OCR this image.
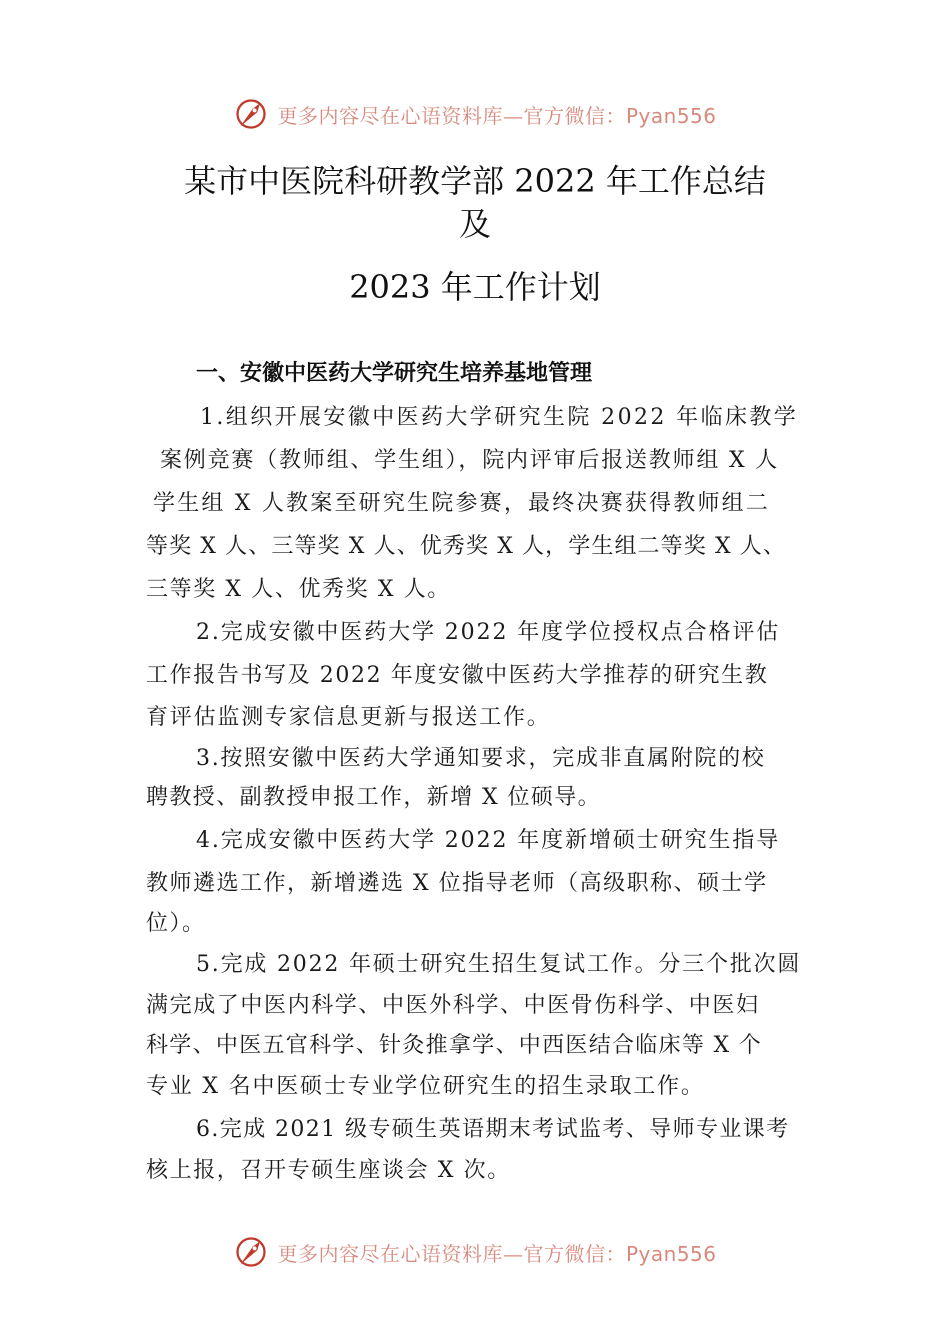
更多内容尽在心语资料库—官方微信：Pyan556
某市中医院科研教学部 2022 年工作总结
及
2023 年工作计划
一、安徽中医药大学研究生培养基地管理
1.组织开展安徽中医药大学研究生院 2022 年临床教学
案例竞赛（教师组、学生组），院内评审后报送教师组 X 人
学生组 X 人教案至研究生院参赛，最终决赛获得教师组二
等奖 X 人、三等奖 X 人、优秀奖 X 人，学生组二等奖 X 人、
三等奖 X 人、优秀奖 X 人。
2.完成安徽中医药大学 2022 年度学位授权点合格评估
工作报告书写及 2022 年度安徽中医药大学推荐的研究生教
育评估监测专家信息更新与报送工作。
3.按照安徽中医药大学通知要求，完成非直属附院的校
聘教授、副教授申报工作，新增 X 位硕导。
4.完成安徽中医药大学 2022 年度新增硕士研究生指导
教师遴选工作，新增遴选 X 位指导老师（高级职称、硕士学
位）。
5.完成 2022 年硕士研究生招生复试工作。分三个批次圆
满完成了中医内科学、中医外科学、中医骨伤科学、中医妇
科学、中医五官科学、针灸推拿学、中西医结合临床等 X 个
专业 X 名中医硕士专业学位研究生的招生录取工作。
6.完成 2021 级专硕生英语期末考试监考、导师专业课考
核上报，召开专硕生座谈会 X 次。
更多内容尽在心语资料库—官方微信：Pyan556
